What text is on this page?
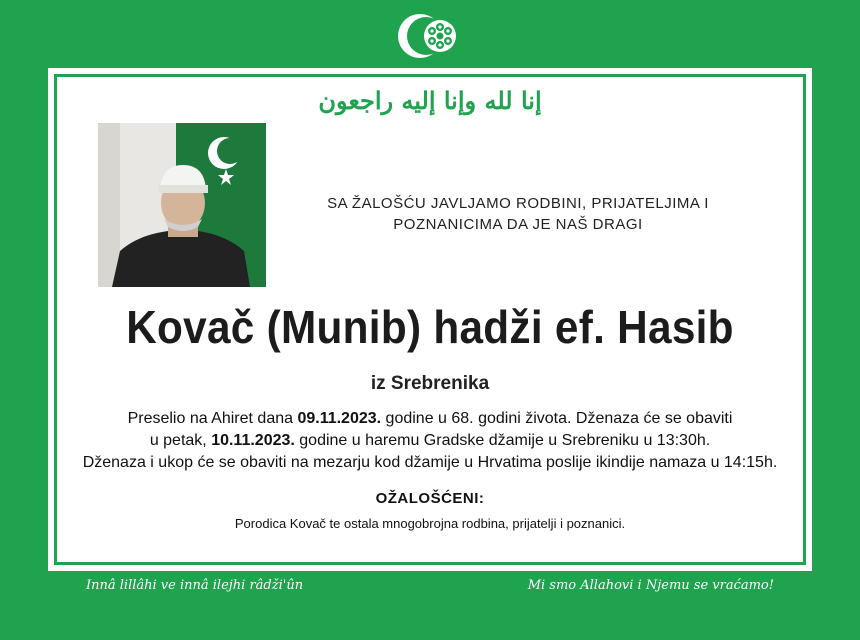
إنا لله وإنا إليه راجعون
SA ŽALOŠĆU JAVLJAMO RODBINI, PRIJATELJIMA I
POZNANICIMA DA JE NAŠ DRAGI
Kovač (Munib) hadži ef. Hasib
iz Srebrenika
Preselio na Ahiret dana 09.11.2023. godine u 68. godini života. Dženaza će se obaviti
u petak, 10.11.2023. godine u haremu Gradske džamije u Srebreniku u 13:30h.
Dženaza i ukop će se obaviti na mezarju kod džamije u Hrvatima poslije ikindije namaza u 14:15h.
OŽALOŠĆENI:
Porodica Kovač te ostala mnogobrojna rodbina, prijatelji i poznanici.
Innâ lillâhi ve innâ ilejhi râdži'ûn	Mi smo Allahovi i Njemu se vraćamo!
